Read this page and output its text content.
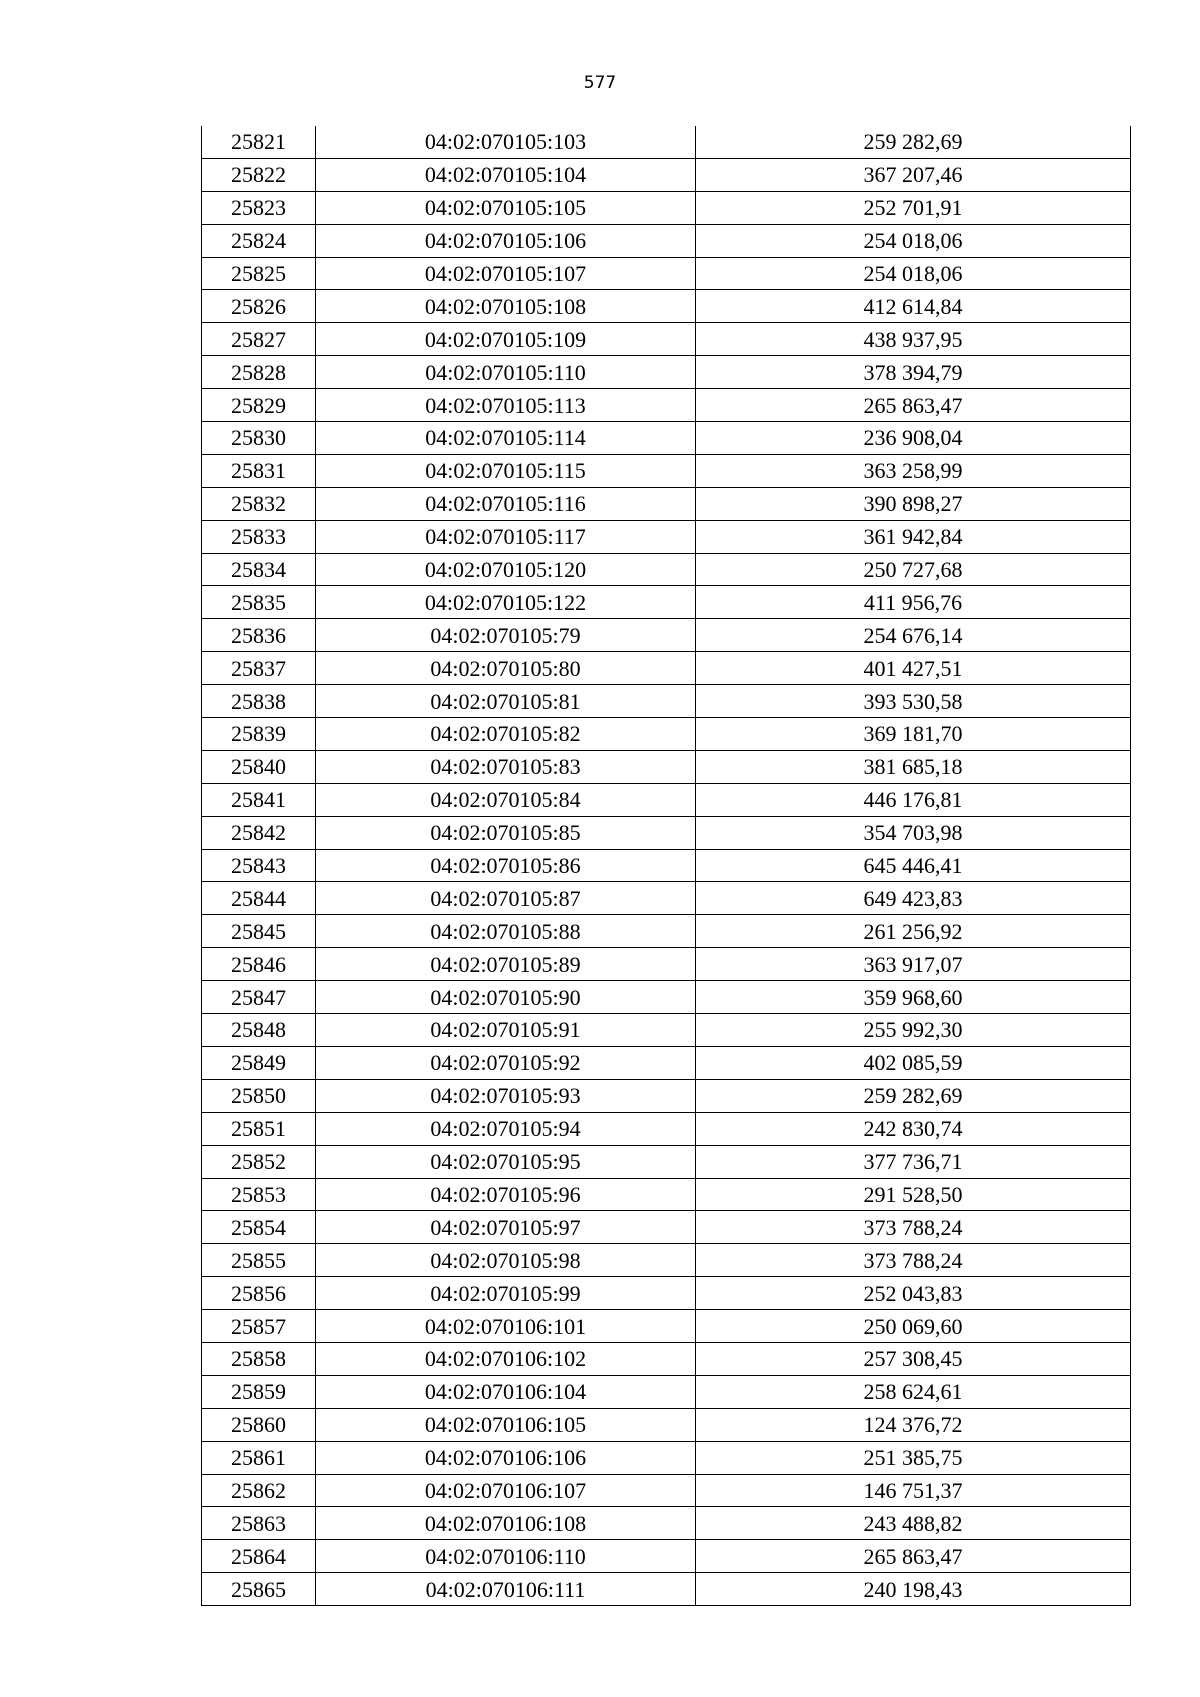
577
25821	04:02:070105:103	259 282,69
25822	04:02:070105:104	367 207,46
25823	04:02:070105:105	252 701,91
25824	04:02:070105:106	254 018,06
25825	04:02:070105:107	254 018,06
25826	04:02:070105:108	412 614,84
25827	04:02:070105:109	438 937,95
25828	04:02:070105:110	378 394,79
25829	04:02:070105:113	265 863,47
25830	04:02:070105:114	236 908,04
25831	04:02:070105:115	363 258,99
25832	04:02:070105:116	390 898,27
25833	04:02:070105:117	361 942,84
25834	04:02:070105:120	250 727,68
25835	04:02:070105:122	411 956,76
25836	04:02:070105:79	254 676,14
25837	04:02:070105:80	401 427,51
25838	04:02:070105:81	393 530,58
25839	04:02:070105:82	369 181,70
25840	04:02:070105:83	381 685,18
25841	04:02:070105:84	446 176,81
25842	04:02:070105:85	354 703,98
25843	04:02:070105:86	645 446,41
25844	04:02:070105:87	649 423,83
25845	04:02:070105:88	261 256,92
25846	04:02:070105:89	363 917,07
25847	04:02:070105:90	359 968,60
25848	04:02:070105:91	255 992,30
25849	04:02:070105:92	402 085,59
25850	04:02:070105:93	259 282,69
25851	04:02:070105:94	242 830,74
25852	04:02:070105:95	377 736,71
25853	04:02:070105:96	291 528,50
25854	04:02:070105:97	373 788,24
25855	04:02:070105:98	373 788,24
25856	04:02:070105:99	252 043,83
25857	04:02:070106:101	250 069,60
25858	04:02:070106:102	257 308,45
25859	04:02:070106:104	258 624,61
25860	04:02:070106:105	124 376,72
25861	04:02:070106:106	251 385,75
25862	04:02:070106:107	146 751,37
25863	04:02:070106:108	243 488,82
25864	04:02:070106:110	265 863,47
25865	04:02:070106:111	240 198,43
